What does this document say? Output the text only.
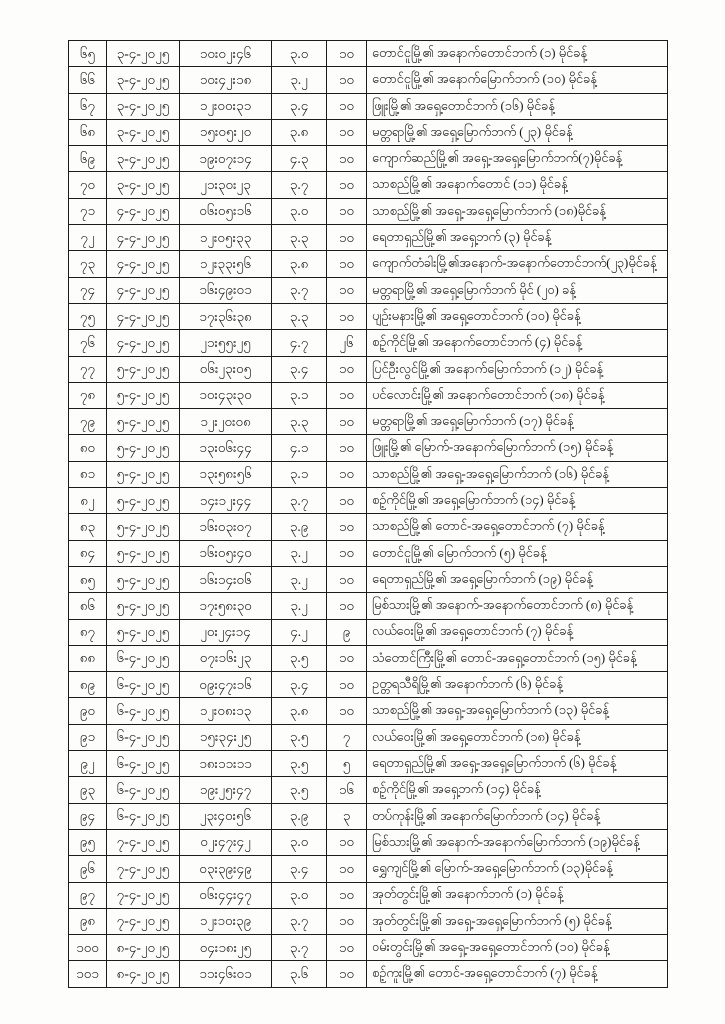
၆၅	၃-၄-၂၀၂၅	၁၀း၀၂း၄၆	၃.၀	၁၀	တောင်ငူမြို့၏ အနောက်တောင်ဘက် (၁) မိုင်ခန့်
၆၆	၃-၄-၂၀၂၅	၁၀း၄၂း၁၈	၃.၂	၁၀	တောင်ငူမြို့၏ အနောက်မြောက်ဘက် (၁၀) မိုင်ခန့်
၆၇	၃-၄-၂၀၂၅	၁၂း၀၀း၃၁	၃.၄	၁၀	ဖြူးမြို့၏ အရှေ့တောင်ဘက် (၁၆) မိုင်ခန့်
၆၈	၃-၄-၂၀၂၅	၁၅း၀၅း၂၀	၃.၈	၁၀	မတ္တရာမြို့၏ အရှေ့မြောက်ဘက် (၂၃) မိုင်ခန့်
၆၉	၃-၄-၂၀၂၅	၁၉း၀၇း၁၄	၄.၃	၁၀	ကျောက်ဆည်မြို့၏ အရှေ့-အရှေ့မြောက်ဘက်(၇)မိုင်ခန့်
၇၀	၃-၄-၂၀၂၅	၂၁း၃၀း၂၃	၃.၇	၁၀	သာစည်မြို့၏ အနောက်တောင် (၁၁) မိုင်ခန့်
၇၁	၄-၄-၂၀၂၅	၀၆း၀၅း၁၆	၃.၀	၁၀	သာစည်မြို့၏ အရှေ့-အရှေ့မြောက်ဘက် (၁၈)မိုင်ခန့်
၇၂	၄-၄-၂၀၂၅	၁၂း၀၅း၃၃	၃.၃	၁၀	ရေတာရှည်မြို့၏ အရှေ့ဘက် (၃) မိုင်ခန့်
၇၃	၄-၄-၂၀၂၅	၁၂း၃၃း၅၆	၃.၈	၁၀	ကျောက်တံခါးမြို့၏အနောက်-အနောက်တောင်ဘက်(၂၃)မိုင်ခန့်
၇၄	၄-၄-၂၀၂၅	၁၆း၄၉း၀၁	၃.၇	၁၀	မတ္တရာမြို့၏ အရှေ့မြောက်ဘက် မိုင် (၂၀) ခန့်
၇၅	၄-၄-၂၀၂၅	၁၇း၃၆း၃၈	၃.၃	၁၀	ပျဉ်းမနားမြို့၏ အရှေ့တောင်ဘက် (၁၀) မိုင်ခန့်
၇၆	၄-၄-၂၀၂၅	၂၁း၅၅း၂၅	၄.၇	၂၆	စဉ့်ကိုင်မြို့၏ အနောက်တောင်ဘက် (၄) မိုင်ခန့်
၇၇	၅-၄-၂၀၂၅	၀၆း၂၃း၀၅	၃.၄	၁၀	ပြင်ဦးလွင်မြို့၏ အနောက်မြောက်ဘက် (၁၂) မိုင်ခန့်
၇၈	၅-၄-၂၀၂၅	၁၀း၄၃း၃၀	၃.၁	၁၀	ပင်လောင်းမြို့၏ အနောက်တောင်ဘက် (၁၈) မိုင်ခန့်
၇၉	၅-၄-၂၀၂၅	၁၂း၂၀း၀၈	၃.၃	၁၀	မတ္တရာမြို့၏ အရှေ့မြောက်ဘက် (၁၇) မိုင်ခန့်
၈၀	၅-၄-၂၀၂၅	၁၃း၀၆း၄၄	၄.၁	၁၀	ဖြူးမြို့၏ မြောက်-အနောက်မြောက်ဘက် (၁၅) မိုင်ခန့်
၈၁	၅-၄-၂၀၂၅	၁၃း၅၈း၅၆	၃.၁	၁၀	သာစည်မြို့၏ အရှေ့-အရှေ့မြောက်ဘက် (၁၆) မိုင်ခန့်
၈၂	၅-၄-၂၀၂၅	၁၄း၁၂း၄၄	၃.၇	၁၀	စဉ့်ကိုင်မြို့၏ အရှေ့မြောက်ဘက် (၁၄) မိုင်ခန့်
၈၃	၅-၄-၂၀၂၅	၁၆း၀၃း၀၇	၃.၉	၁၀	သာစည်မြို့၏ တောင်-အရှေ့တောင်ဘက် (၇) မိုင်ခန့်
၈၄	၅-၄-၂၀၂၅	၁၆း၀၅း၄၀	၃.၂	၁၀	တောင်ငူမြို့၏ မြောက်ဘက် (၅) မိုင်ခန့်
၈၅	၅-၄-၂၀၂၅	၁၆း၁၄း၀၆	၃.၂	၁၀	ရေတာရှည်မြို့၏ အရှေ့မြောက်ဘက် (၁၉) မိုင်ခန့်
၈၆	၅-၄-၂၀၂၅	၁၇း၅၈း၃၀	၃.၂	၁၀	မြစ်သားမြို့၏ အနောက်-အနောက်တောင်ဘက် (၈) မိုင်ခန့်
၈၇	၅-၄-၂၀၂၅	၂၀း၂၄း၁၄	၄.၂	၉	လယ်ဝေးမြို့၏ အရှေ့တောင်ဘက် (၇) မိုင်ခန့်
၈၈	၆-၄-၂၀၂၅	၀၇း၁၆း၂၃	၃.၅	၁၀	သံတောင်ကြီးမြို့၏ တောင်-အရှေ့တောင်ဘက် (၁၅) မိုင်ခန့်
၈၉	၆-၄-၂၀၂၅	၀၉း၄၇း၁၆	၃.၄	၁၀	ဥတ္တရသီရိမြို့၏ အနောက်ဘက် (၆) မိုင်ခန့်
၉၀	၆-၄-၂၀၂၅	၁၂း၀၈း၁၃	၃.၈	၁၀	သာစည်မြို့၏ အရှေ့-အရှေ့မြောက်ဘက် (၁၃) မိုင်ခန့်
၉၁	၆-၄-၂၀၂၅	၁၅း၃၄း၂၅	၃.၅	၇	လယ်ဝေးမြို့၏ အရှေ့တောင်ဘက် (၁၈) မိုင်ခန့်
၉၂	၆-၄-၂၀၂၅	၁၈း၁၁း၁၁	၃.၅	၅	ရေတာရှည်မြို့၏ အရှေ့-အရှေ့မြောက်ဘက် (၆) မိုင်ခန့်
၉၃	၆-၄-၂၀၂၅	၁၉း၂၅း၄၇	၃.၅	၁၆	စဉ့်ကိုင်မြို့၏ အရှေ့ဘက် (၁၄) မိုင်ခန့်
၉၄	၆-၄-၂၀၂၅	၂၃း၄၀း၅၆	၃.၉	၃	တပ်ကုန်းမြို့၏ အနောက်မြောက်ဘက် (၁၄) မိုင်ခန့်
၉၅	၇-၄-၂၀၂၅	၀၂း၄၇း၄၂	၃.၀	၁၀	မြစ်သားမြို့၏ အနောက်-အနောက်မြောက်ဘက် (၁၉)မိုင်ခန့်
၉၆	၇-၄-၂၀၂၅	၀၃း၃၉း၄၉	၃.၄	၁၀	ရွှေကျင်မြို့၏ မြောက်-အရှေ့မြောက်ဘက် (၁၃)မိုင်ခန့်
၉၇	၇-၄-၂၀၂၅	၀၆း၄၄း၄၇	၃.၀	၁၀	အုတ်တွင်းမြို့၏ အနောက်ဘက် (၁) မိုင်ခန့်
၉၈	၇-၄-၂၀၂၅	၁၂း၁၀း၃၉	၃.၇	၁၀	အုတ်တွင်းမြို့၏ အရှေ့-အရှေ့မြောက်ဘက် (၅) မိုင်ခန့်
၁၀၀	၈-၄-၂၀၂၅	၀၄း၁၈း၂၅	၃.၇	၁၀	ဝမ်းတွင်းမြို့၏ အရှေ့-အရှေ့တောင်ဘက် (၁၀) မိုင်ခန့်
၁၀၁	၈-၄-၂၀၂၅	၁၁း၄၆း၀၁	၃.၆	၁၀	စဉ့်ကူးမြို့၏ တောင်-အရှေ့တောင်ဘက် (၇) မိုင်ခန့်
